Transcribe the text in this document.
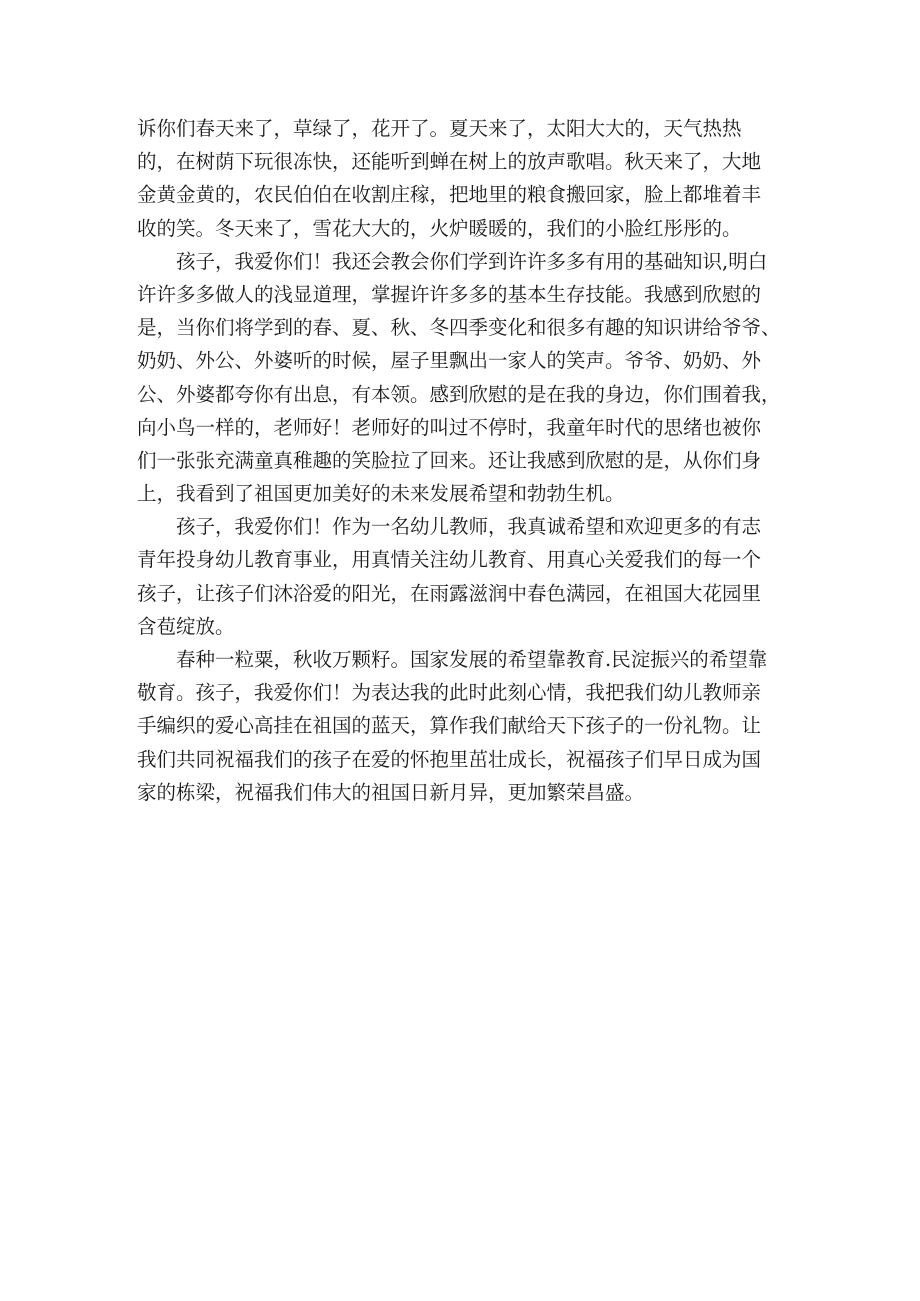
诉你们春天来了，草绿了，花开了。夏天来了，太阳大大的，天气热热
的，在树荫下玩很冻快，还能听到蝉在树上的放声歌唱。秋天来了，大地
金黄金黄的，农民伯伯在收割庄稼，把地里的粮食搬回家，脸上都堆着丰
收的笑。冬天来了，雪花大大的，火炉暖暖的，我们的小脸红彤彤的。
孩子，我爱你们！我还会教会你们学到许许多多有用的基础知识,明白
许许多多做人的浅显道理，掌握许许多多的基本生存技能。我感到欣慰的
是，当你们将学到的春、夏、秋、冬四季变化和很多有趣的知识讲给爷爷、
奶奶、外公、外婆听的时候，屋子里飘出一家人的笑声。爷爷、奶奶、外
公、外婆都夸你有出息，有本领。感到欣慰的是在我的身边，你们围着我，
向小鸟一样的，老师好！老师好的叫过不停时，我童年时代的思绪也被你
们一张张充满童真稚趣的笑脸拉了回来。还让我感到欣慰的是，从你们身
上，我看到了祖国更加美好的未来发展希望和勃勃生机。
孩子，我爱你们！作为一名幼儿教师，我真诚希望和欢迎更多的有志
青年投身幼儿教育事业，用真情关注幼儿教育、用真心关爱我们的每一个
孩子，让孩子们沐浴爱的阳光，在雨露滋润中春色满园，在祖国大花园里
含苞绽放。
春种一粒粟，秋收万颗籽。国家发展的希望靠教育.民淀振兴的希望靠
敬育。孩子，我爱你们！为表达我的此时此刻心情，我把我们幼儿教师亲
手编织的爱心高挂在祖国的蓝天，算作我们献给天下孩子的一份礼物。让
我们共同祝福我们的孩子在爱的怀抱里茁壮成长，祝福孩子们早日成为国
家的栋梁，祝福我们伟大的祖国日新月异，更加繁荣昌盛。
